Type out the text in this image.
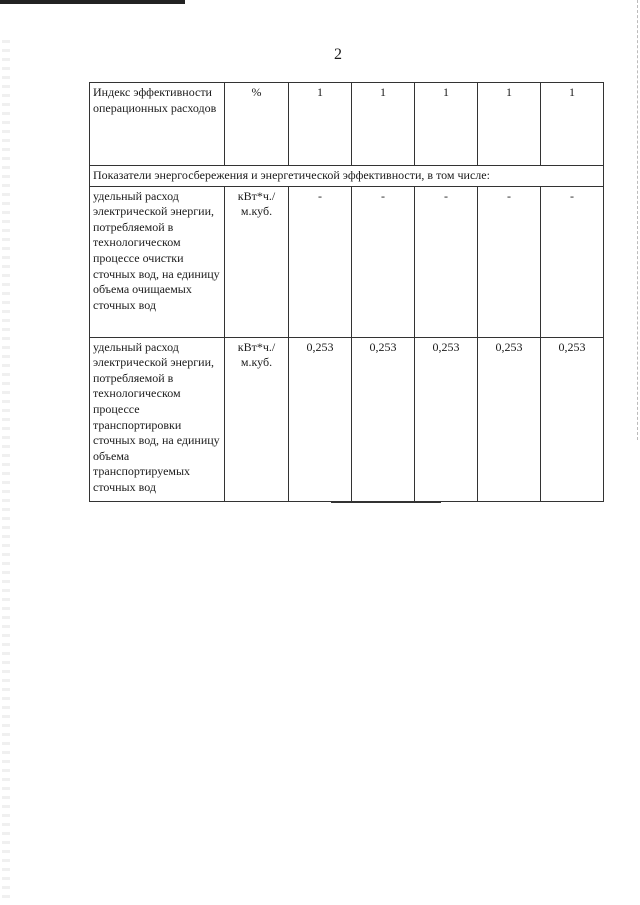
2
Индекс эффективности операционных расходов	%	1	1	1	1	1
Показатели энергосбережения и энергетической эффективности, в том числе:						
удельный расход электрической энергии, потребляемой в технологическом процессе очистки сточных вод, на единицу объема очищаемых сточных вод	кВт*ч./м.куб.	-	-	-	-	-
удельный расход электрической энергии, потребляемой в технологическом процессе транспортировки сточных вод, на единицу объема транспортируемых сточных вод	кВт*ч./м.куб.	0,253	0,253	0,253	0,253	0,253
